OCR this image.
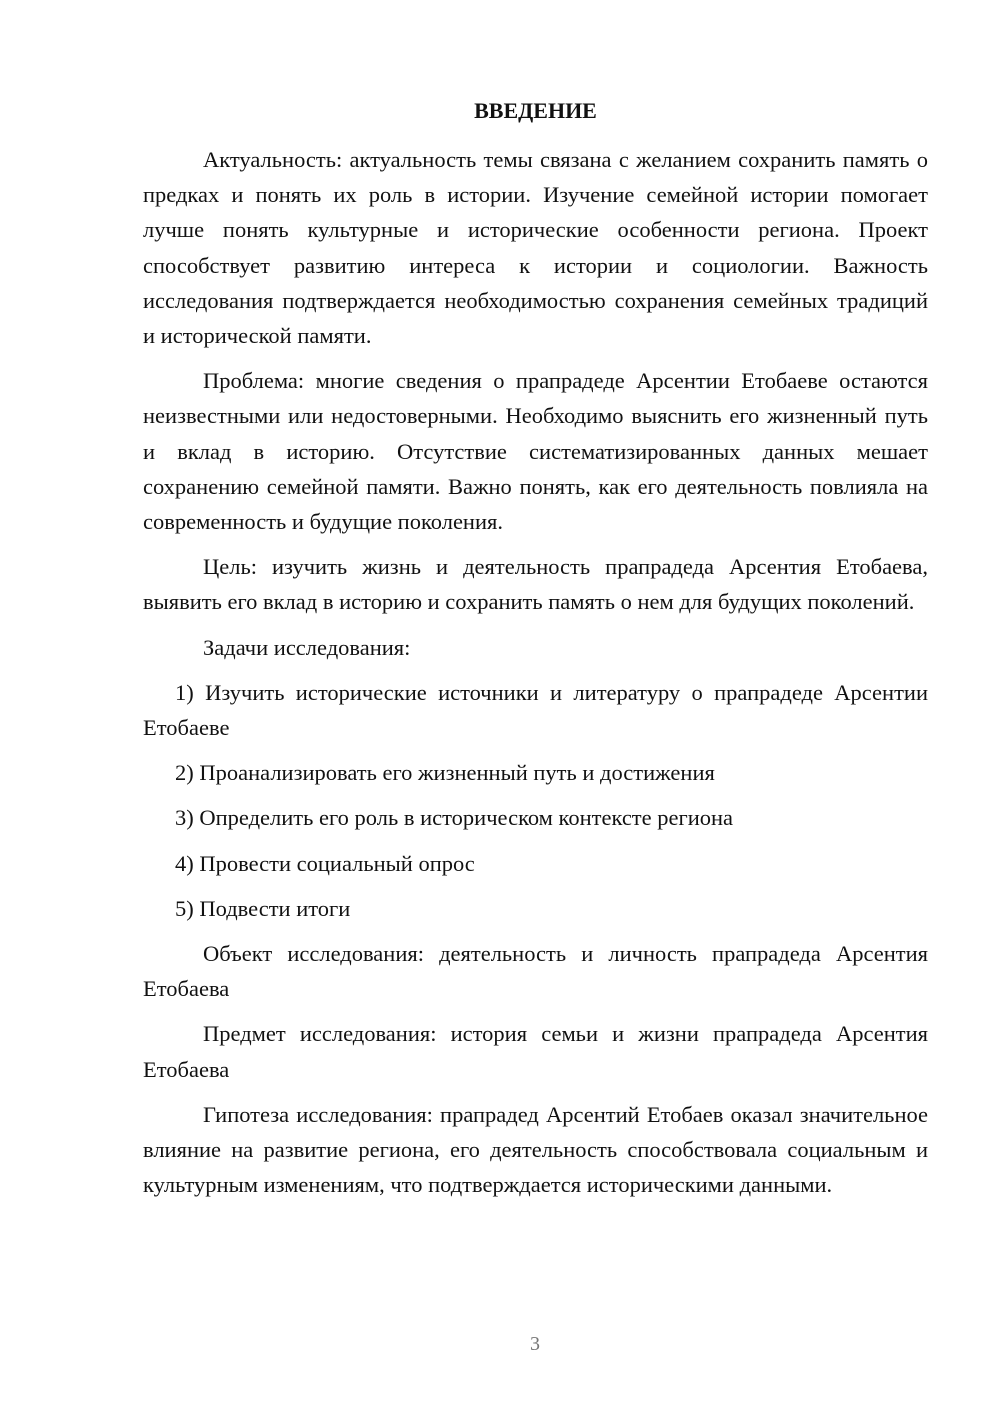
ВВЕДЕНИЕ

Актуальность: актуальность темы связана с желанием сохранить память о предках и понять их роль в истории. Изучение семейной истории помогает лучше понять культурные и исторические особенности региона. Проект способствует развитию интереса к истории и социологии. Важность исследования подтверждается необходимостью сохранения семейных традиций и исторической памяти.

Проблема: многие сведения о прапрадеде Арсентии Етобаеве остаются неизвестными или недостоверными. Необходимо выяснить его жизненный путь и вклад в историю. Отсутствие систематизированных данных мешает сохранению семейной памяти. Важно понять, как его деятельность повлияла на современность и будущие поколения.

Цель: изучить жизнь и деятельность прапрадеда Арсентия Етобаева, выявить его вклад в историю и сохранить память о нем для будущих поколений.

Задачи исследования:

1) Изучить исторические источники и литературу о прапрадеде Арсентии Етобаеве

2) Проанализировать его жизненный путь и достижения

3) Определить его роль в историческом контексте региона

4) Провести социальный опрос

5) Подвести итоги

Объект исследования: деятельность и личность прапрадеда Арсентия Етобаева

Предмет исследования: история семьи и жизни прапрадеда Арсентия Етобаева

Гипотеза исследования: прапрадед Арсентий Етобаев оказал значительное влияние на развитие региона, его деятельность способствовала социальным и культурным изменениям, что подтверждается историческими данными.

3
